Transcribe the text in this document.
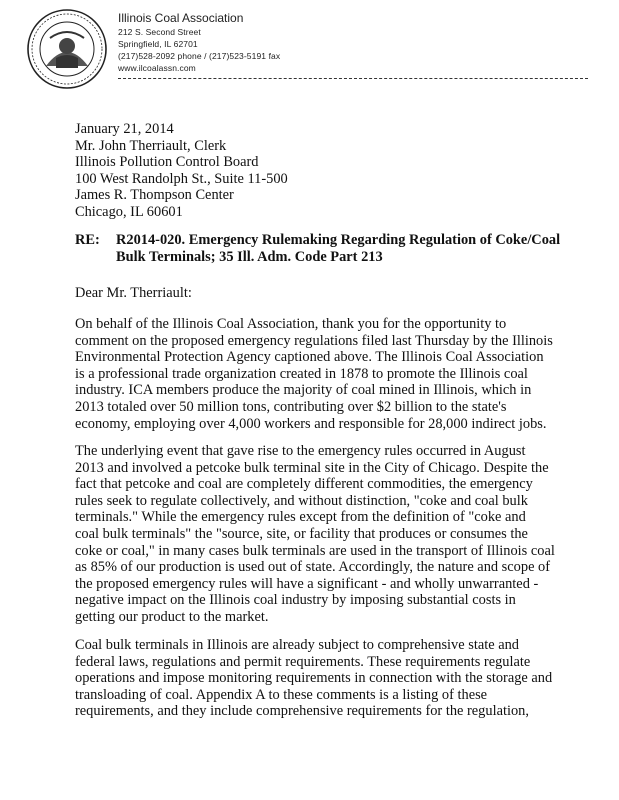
Illinois Coal Association
212 S. Second Street
Springfield, IL 62701
(217)528-2092 phone / (217)523-5191 fax
www.ilcoalassn.com
January 21, 2014
Mr. John Therriault, Clerk
Illinois Pollution Control Board
100 West Randolph St., Suite 11-500
James R. Thompson Center
Chicago, IL 60601
RE: R2014-020. Emergency Rulemaking Regarding Regulation of Coke/Coal
Bulk Terminals; 35 Ill. Adm. Code Part 213
Dear Mr. Therriault:
On behalf of the Illinois Coal Association, thank you for the opportunity to
comment on the proposed emergency regulations filed last Thursday by the Illinois
Environmental Protection Agency captioned above. The Illinois Coal Association
is a professional trade organization created in 1878 to promote the Illinois coal
industry. ICA members produce the majority of coal mined in Illinois, which in
2013 totaled over 50 million tons, contributing over $2 billion to the state's
economy, employing over 4,000 workers and responsible for 28,000 indirect jobs.
The underlying event that gave rise to the emergency rules occurred in August
2013 and involved a petcoke bulk terminal site in the City of Chicago. Despite the
fact that petcoke and coal are completely different commodities, the emergency
rules seek to regulate collectively, and without distinction, "coke and coal bulk
terminals." While the emergency rules except from the definition of "coke and
coal bulk terminals" the "source, site, or facility that produces or consumes the
coke or coal," in many cases bulk terminals are used in the transport of Illinois coal
as 85% of our production is used out of state. Accordingly, the nature and scope of
the proposed emergency rules will have a significant - and wholly unwarranted -
negative impact on the Illinois coal industry by imposing substantial costs in
getting our product to the market.
Coal bulk terminals in Illinois are already subject to comprehensive state and
federal laws, regulations and permit requirements. These requirements regulate
operations and impose monitoring requirements in connection with the storage and
transloading of coal. Appendix A to these comments is a listing of these
requirements, and they include comprehensive requirements for the regulation,
